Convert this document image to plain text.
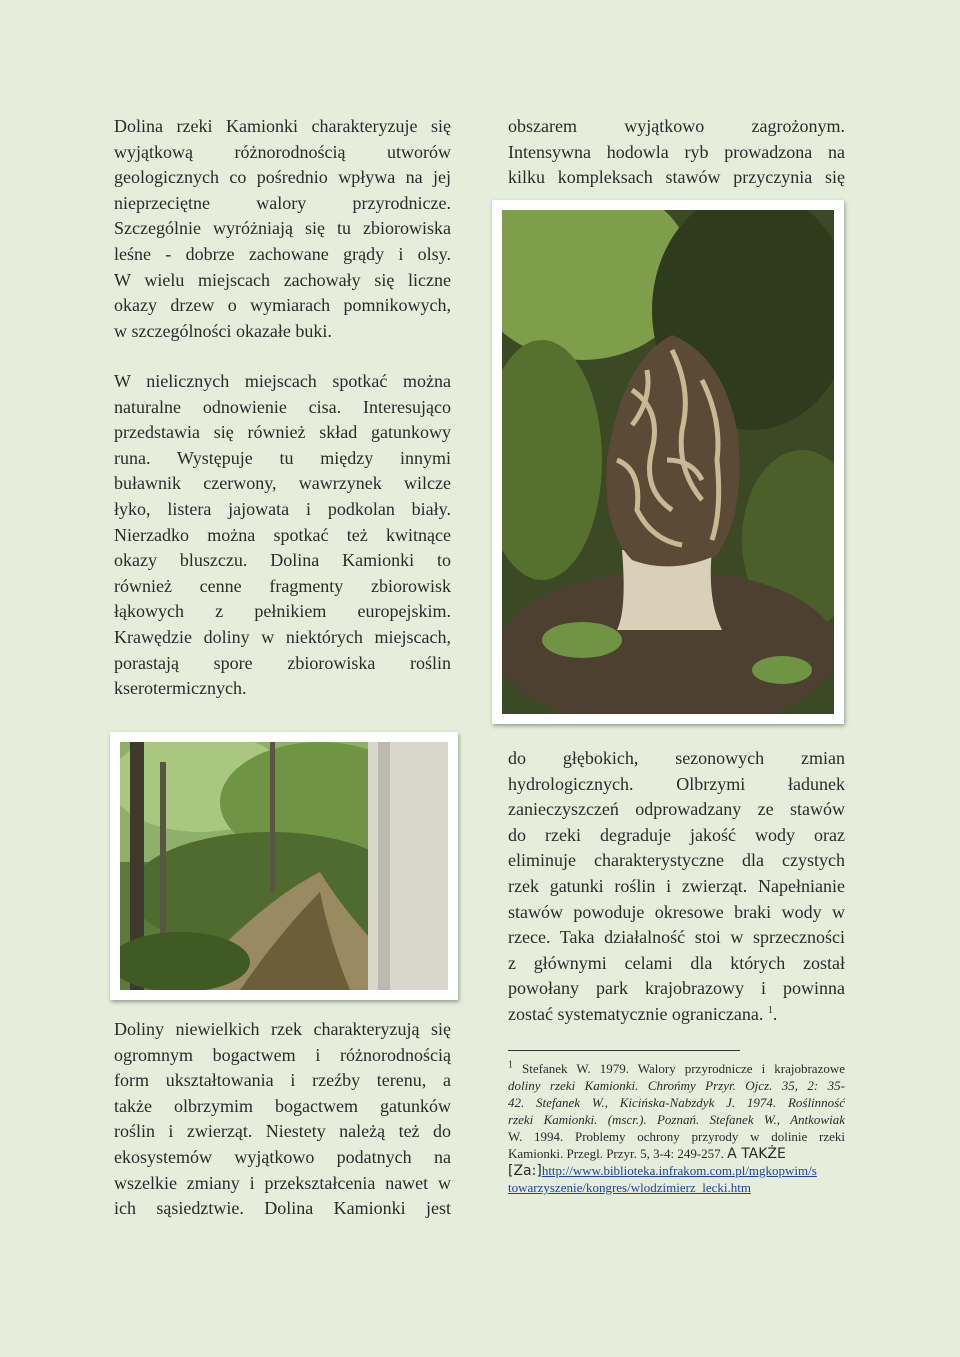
Dolina rzeki Kamionki charakteryzuje się
wyjątkową różnorodnością utworów
geologicznych co pośrednio wpływa na jej
nieprzeciętne walory przyrodnicze.
Szczególnie wyróżniają się tu zbiorowiska
leśne - dobrze zachowane grądy i olsy.
W wielu miejscach zachowały się liczne
okazy drzew o wymiarach pomnikowych,
w szczególności okazałe buki.
W nielicznych miejscach spotkać można
naturalne odnowienie cisa. Interesująco
przedstawia się również skład gatunkowy
runa. Występuje tu między innymi
buławnik czerwony, wawrzynek wilcze
łyko, listera jajowata i podkolan biały.
Nierzadko można spotkać też kwitnące
okazy bluszczu. Dolina Kamionki to
również cenne fragmenty zbiorowisk
łąkowych z pełnikiem europejskim.
Krawędzie doliny w niektórych miejscach,
porastają spore zbiorowiska roślin
kserotermicznych.
Doliny niewielkich rzek charakteryzują się
ogromnym bogactwem i różnorodnością
form ukształtowania i rzeźby terenu, a
także olbrzymim bogactwem gatunków
roślin i zwierząt. Niestety należą też do
ekosystemów wyjątkowo podatnych na
wszelkie zmiany i przekształcenia nawet w
ich sąsiedztwie. Dolina Kamionki jest
obszarem wyjątkowo zagrożonym.
Intensywna hodowla ryb prowadzona na
kilku kompleksach stawów przyczynia się
do głębokich, sezonowych zmian
hydrologicznych. Olbrzymi ładunek
zanieczyszczeń odprowadzany ze stawów
do rzeki degraduje jakość wody oraz
eliminuje charakterystyczne dla czystych
rzek gatunki roślin i zwierząt. Napełnianie
stawów powoduje okresowe braki wody w
rzece. Taka działalność stoi w sprzeczności
z głównymi celami dla których został
powołany park krajobrazowy i powinna
zostać systematycznie ograniczana. $^1$.
$^1$ Stefanek W. 1979. Walory przyrodnicze i krajobrazowe
doliny rzeki Kamionki. Chrońmy Przyr. Ojcz. 35, 2: 35-
42. Stefanek W., Kicińska-Nabzdyk J. 1974. Roślinność
rzeki Kamionki. (mscr.). Poznań. Stefanek W., Antkowiak
W. 1994. Problemy ochrony przyrody w dolinie rzeki
Kamionki. Przegl. Przyr. 5, 3-4: 249-257. A TAKŻE
[Za:]http://www.biblioteka.infrakom.com.pl/mgkopwim/s
towarzyszenie/kongres/wlodzimierz_lecki.htm
